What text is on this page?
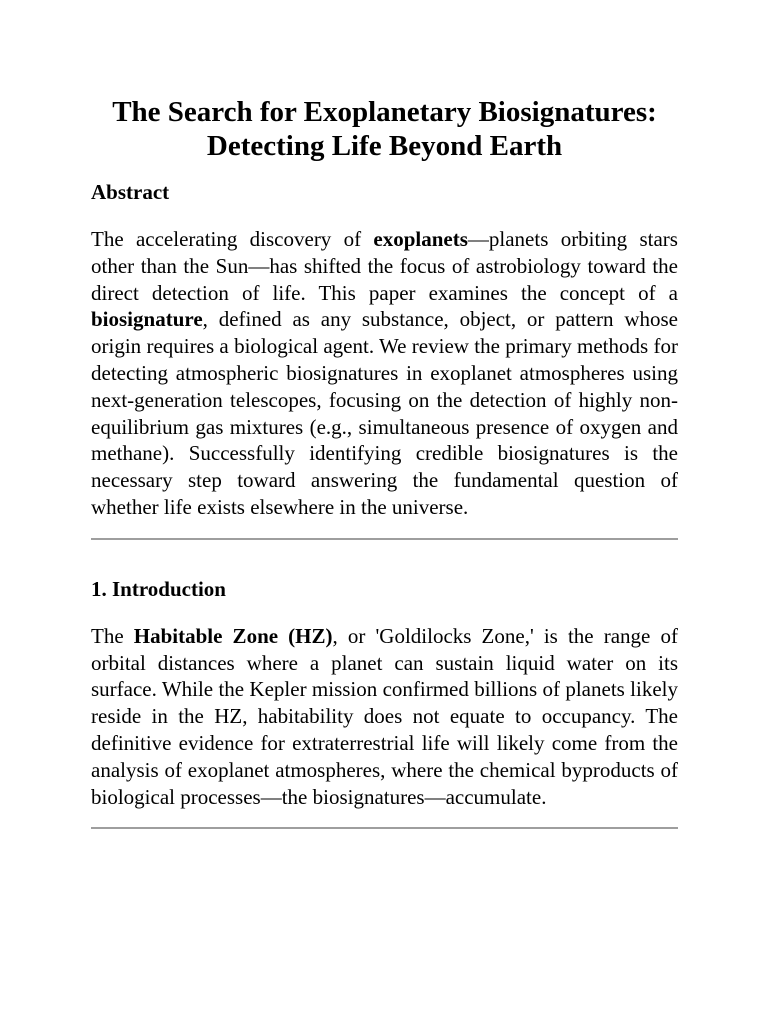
The Search for Exoplanetary Biosignatures:
Detecting Life Beyond Earth
Abstract

The accelerating discovery of exoplanets—planets orbiting stars other than the Sun—has shifted the focus of astrobiology toward the direct detection of life. This paper examines the concept of a biosignature, defined as any substance, object, or pattern whose origin requires a biological agent. We review the primary methods for detecting atmospheric biosignatures in exoplanet atmospheres using next-generation telescopes, focusing on the detection of highly non-equilibrium gas mixtures (e.g., simultaneous presence of oxygen and methane). Successfully identifying credible biosignatures is the necessary step toward answering the fundamental question of whether life exists elsewhere in the universe.

1. Introduction

The Habitable Zone (HZ), or 'Goldilocks Zone,' is the range of orbital distances where a planet can sustain liquid water on its surface. While the Kepler mission confirmed billions of planets likely reside in the HZ, habitability does not equate to occupancy. The definitive evidence for extraterrestrial life will likely come from the analysis of exoplanet atmospheres, where the chemical byproducts of biological processes—the biosignatures—accumulate.
